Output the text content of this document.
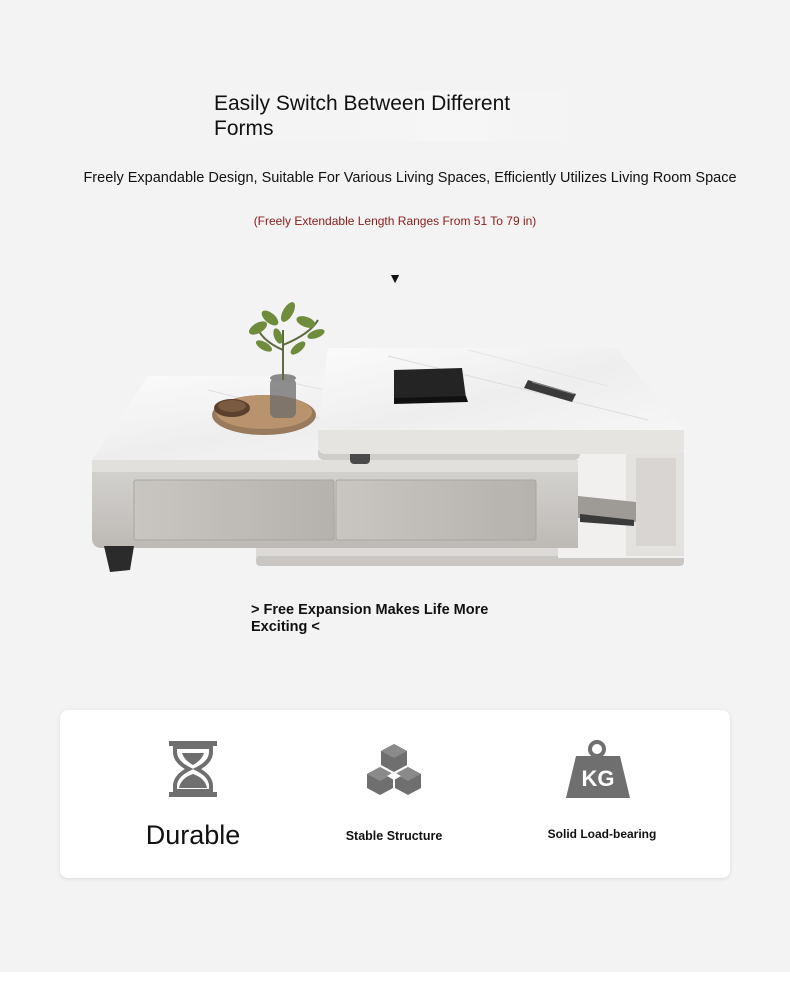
Easily Switch Between Different Forms
Freely Expandable Design, Suitable For Various Living Spaces, Efficiently Utilizes Living Room Space
(Freely Extendable Length Ranges From 51 To 79 in)
▼
> Free Expansion Makes Life More Exciting <
Durable	Stable Structure
KG
Solid Load-bearing
